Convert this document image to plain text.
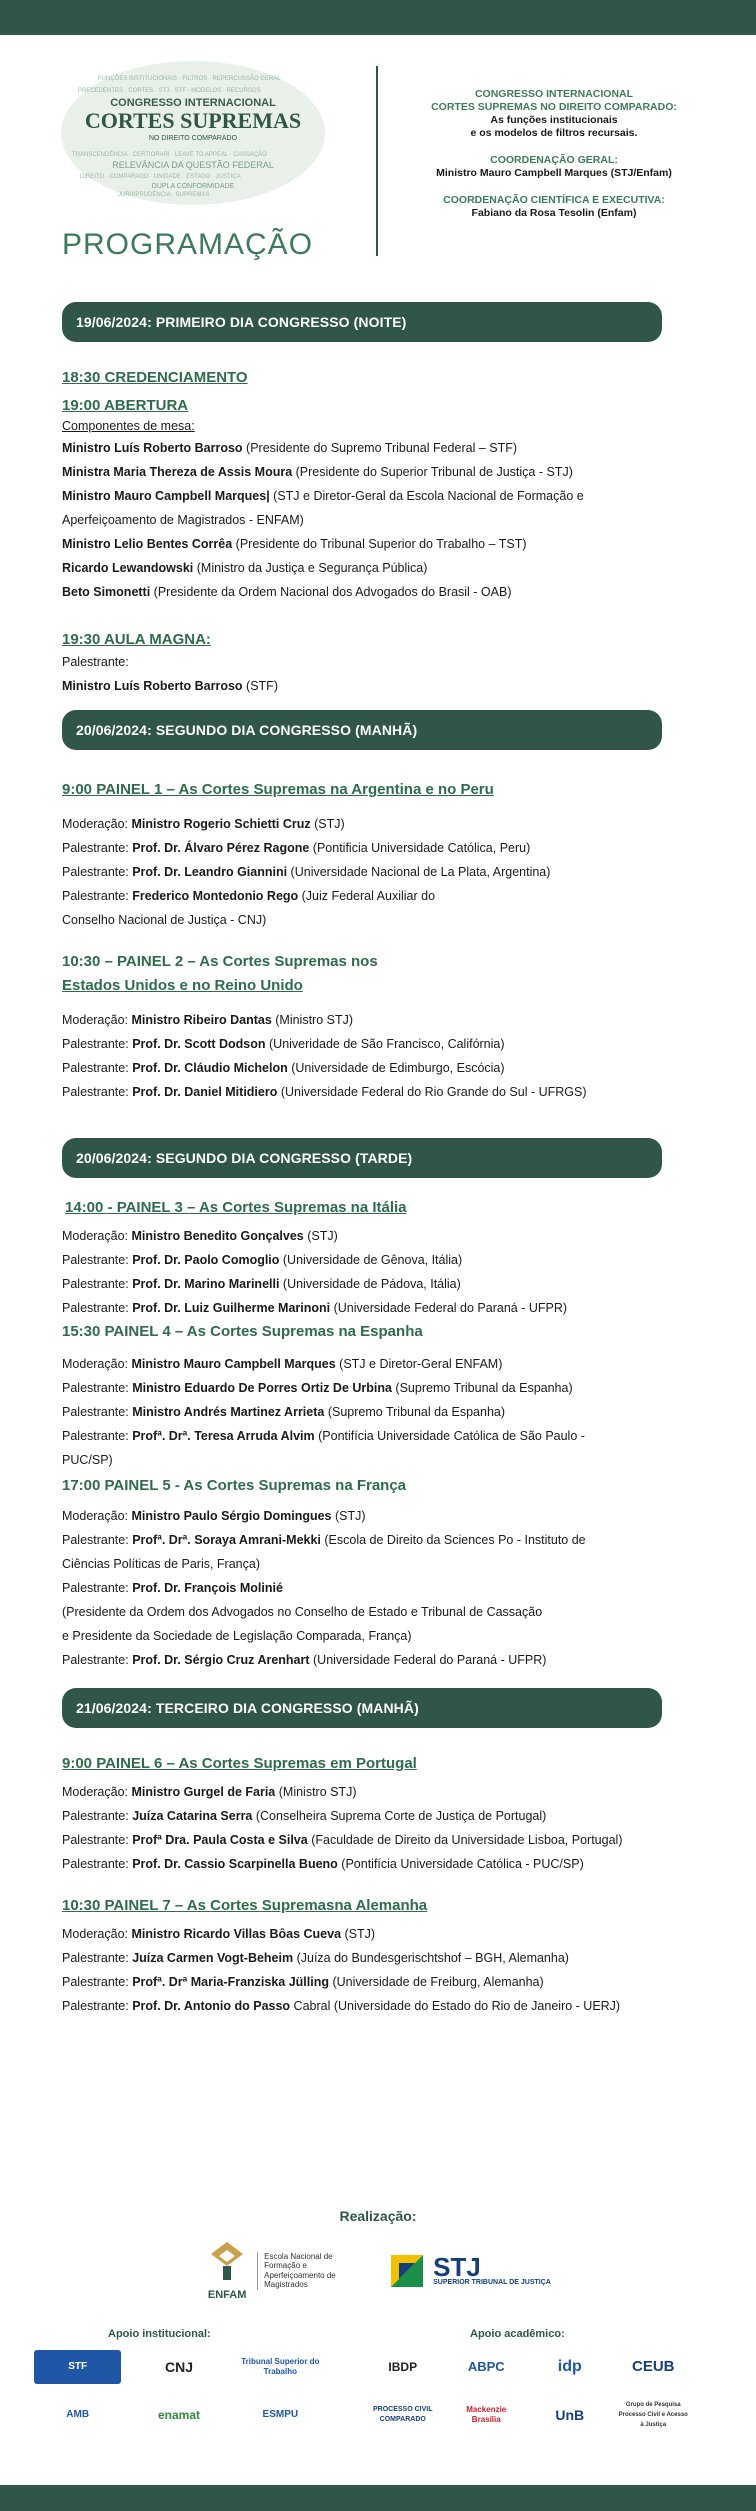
FUNÇÕES INSTITUCIONAIS · FILTROS · REPERCUSSÃO GERAL
PRECEDENTES · CORTES · STJ · STF · MODELOS · RECURSOS
TRANSCENDÊNCIA · CERTIORARI · LEAVE TO APPEAL · CASSAÇÃO
DIREITO · COMPARADO · UNIDADE · ESTADO · JUSTIÇA
JURISPRUDÊNCIA · SUPREMAS
CONGRESSO INTERNACIONAL
CORTES SUPREMAS
NO DIREITO COMPARADO
RELEVÂNCIA DA QUESTÃO FEDERAL
DUPLA CONFORMIDADE
PROGRAMAÇÃO
CONGRESSO INTERNACIONAL
CORTES SUPREMAS NO DIREITO COMPARADO:
As funções institucionais
e os modelos de filtros recursais.
COORDENAÇÃO GERAL:
Ministro Mauro Campbell Marques (STJ/Enfam)
COORDENAÇÃO CIENTÍFICA E EXECUTIVA:
Fabiano da Rosa Tesolin (Enfam)
19/06/2024: PRIMEIRO DIA CONGRESSO (NOITE)
18:30 CREDENCIAMENTO
19:00 ABERTURA
Componentes de mesa:
Ministro Luís Roberto Barroso (Presidente do Supremo Tribunal Federal – STF)
Ministra Maria Thereza de Assis Moura (Presidente do Superior Tribunal de Justiça - STJ)
Ministro Mauro Campbell Marques| (STJ e Diretor-Geral da Escola Nacional de Formação e
Aperfeiçoamento de Magistrados - ENFAM)
Ministro Lelio Bentes Corrêa (Presidente do Tribunal Superior do Trabalho – TST)
Ricardo Lewandowski (Ministro da Justiça e Segurança Pública)
Beto Simonetti (Presidente da Ordem Nacional dos Advogados do Brasil - OAB)
19:30 AULA MAGNA:
Palestrante:
Ministro Luís Roberto Barroso (STF)
20/06/2024: SEGUNDO DIA CONGRESSO (MANHÃ)
9:00 PAINEL 1 – As Cortes Supremas na Argentina e no Peru
Moderação: Ministro Rogerio Schietti Cruz (STJ)
Palestrante: Prof. Dr. Álvaro Pérez Ragone (Pontificia Universidade Católica, Peru)
Palestrante: Prof. Dr. Leandro Giannini (Universidade Nacional de La Plata, Argentina)
Palestrante: Frederico Montedonio Rego (Juiz Federal Auxiliar do
Conselho Nacional de Justiça - CNJ)
10:30 – PAINEL 2 – As Cortes Supremas nos
Estados Unidos e no Reino Unido
Moderação: Ministro Ribeiro Dantas (Ministro STJ)
Palestrante: Prof. Dr. Scott Dodson (Univeridade de São Francisco, Califórnia)
Palestrante: Prof. Dr. Cláudio Michelon (Universidade de Edimburgo, Escócia)
Palestrante: Prof. Dr. Daniel Mitidiero (Universidade Federal do Rio Grande do Sul - UFRGS)
20/06/2024: SEGUNDO DIA CONGRESSO (TARDE)
14:00 - PAINEL 3 – As Cortes Supremas na Itália
Moderação: Ministro Benedito Gonçalves (STJ)
Palestrante: Prof. Dr. Paolo Comoglio (Universidade de Gênova, Itália)
Palestrante: Prof. Dr. Marino Marinelli (Universidade de Pádova, Itália)
Palestrante: Prof. Dr. Luiz Guilherme Marinoni (Universidade Federal do Paraná - UFPR)
15:30 PAINEL 4 – As Cortes Supremas na Espanha
Moderação: Ministro Mauro Campbell Marques (STJ e Diretor-Geral ENFAM)
Palestrante: Ministro Eduardo De Porres Ortiz De Urbina (Supremo Tribunal da Espanha)
Palestrante: Ministro Andrés Martinez Arrieta (Supremo Tribunal da Espanha)
Palestrante: Profª. Drª. Teresa Arruda Alvim (Pontifícia Universidade Católica de São Paulo -
PUC/SP)
17:00 PAINEL 5 - As Cortes Supremas na França
Moderação: Ministro Paulo Sérgio Domingues (STJ)
Palestrante: Profª. Drª. Soraya Amrani-Mekki (Escola de Direito da Sciences Po - Instituto de
Ciências Políticas de Paris, França)
Palestrante: Prof. Dr. François Molinié
(Presidente da Ordem dos Advogados no Conselho de Estado e Tribunal de Cassação
e Presidente da Sociedade de Legislação Comparada, França)
Palestrante: Prof. Dr. Sérgio Cruz Arenhart (Universidade Federal do Paraná - UFPR)
21/06/2024: TERCEIRO DIA CONGRESSO (MANHÃ)
9:00 PAINEL 6 – As Cortes Supremas em Portugal
Moderação: Ministro Gurgel de Faria (Ministro STJ)
Palestrante: Juíza Catarina Serra (Conselheira Suprema Corte de Justiça de Portugal)
Palestrante: Profª Dra. Paula Costa e Silva (Faculdade de Direito da Universidade Lisboa, Portugal)
Palestrante: Prof. Dr. Cassio Scarpinella Bueno (Pontifícia Universidade Católica - PUC/SP)
10:30 PAINEL 7 – As Cortes Supremasna Alemanha
Moderação: Ministro Ricardo Villas Bôas Cueva (STJ)
Palestrante: Juíza Carmen Vogt-Beheim (Juíza do Bundesgerischtshof – BGH, Alemanha)
Palestrante: Profª. Drª Maria-Franziska Jülling (Universidade de Freiburg, Alemanha)
Palestrante: Prof. Dr. Antonio do Passo Cabral (Universidade do Estado do Rio de Janeiro - UERJ)
Realização:
ENFAM
Escola Nacional de Formação e Aperfeiçoamento de Magistrados
STJ
SUPERIOR TRIBUNAL DE JUSTIÇA
Apoio institucional:	Apoio acadêmico:
STF	CNJ	Tribunal Superior do Trabalho
AMB	enamat	ESMPU
IBDP	ABPC	idp	CEUB
PROCESSO CIVIL COMPARADO
Mackenzie Brasília	UnB
Grupo de Pesquisa Processo Civil e Acesso à Justiça
